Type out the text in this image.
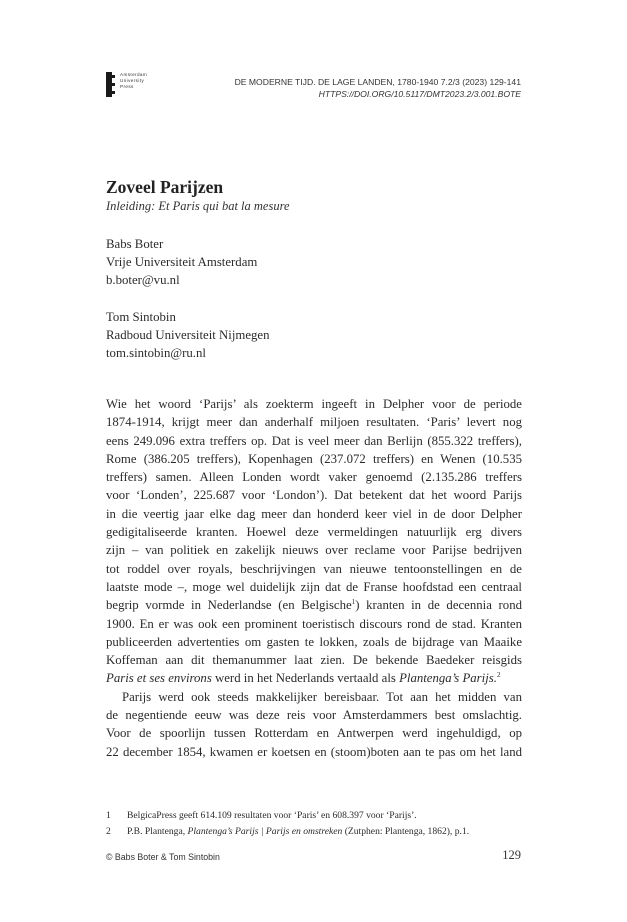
Amsterdam
University
Press	DE MODERNE TIJD. DE LAGE LANDEN, 1780-1940 7.2/3 (2023) 129-141
HTTPS://DOI.ORG/10.5117/DMT2023.2/3.001.BOTE
Zoveel Parijzen
Inleiding: Et Paris qui bat la mesure
Babs Boter
Vrije Universiteit Amsterdam
b.boter@vu.nl
Tom Sintobin
Radboud Universiteit Nijmegen
tom.sintobin@ru.nl

Wie het woord ‘Parijs’ als zoekterm ingeeft in Delpher voor de periode
1874-1914, krijgt meer dan anderhalf miljoen resultaten. ‘Paris’ levert nog
eens 249.096 extra treffers op. Dat is veel meer dan Berlijn (855.322 treffers),
Rome (386.205 treffers), Kopenhagen (237.072 treffers) en Wenen (10.535
treffers) samen. Alleen Londen wordt vaker genoemd (2.135.286 treffers
voor ‘Londen’, 225.687 voor ‘London’). Dat betekent dat het woord Parijs
in die veertig jaar elke dag meer dan honderd keer viel in de door Delpher
gedigitaliseerde kranten. Hoewel deze vermeldingen natuurlijk erg divers
zijn – van politiek en zakelijk nieuws over reclame voor Parijse bedrijven
tot roddel over royals, beschrijvingen van nieuwe tentoonstellingen en de
laatste mode –, moge wel duidelijk zijn dat de Franse hoofdstad een centraal
begrip vormde in Nederlandse (en Belgische$^1$) kranten in de decennia rond
1900. En er was ook een prominent toeristisch discours rond de stad. Kranten
publiceerden advertenties om gasten te lokken, zoals de bijdrage van Maaike
Koffeman aan dit themanummer laat zien. De bekende Baedeker reisgids
Paris et ses environs werd in het Nederlands vertaald als Plantenga’s Parijs.$^2$

Parijs werd ook steeds makkelijker bereisbaar. Tot aan het midden van
de negentiende eeuw was deze reis voor Amsterdammers best omslachtig.
Voor de spoorlijn tussen Rotterdam en Antwerpen werd ingehuldigd, op
22 december 1854, kwamen er koetsen en (stoom)boten aan te pas om het land

1	BelgicaPress geeft 614.109 resultaten voor ‘Paris’ en 608.397 voor ‘Parijs’.
2	P.B. Plantenga, Plantenga’s Parijs | Parijs en omstreken (Zutphen: Plantenga, 1862), p.1.
© Babs Boter & Tom Sintobin	129
